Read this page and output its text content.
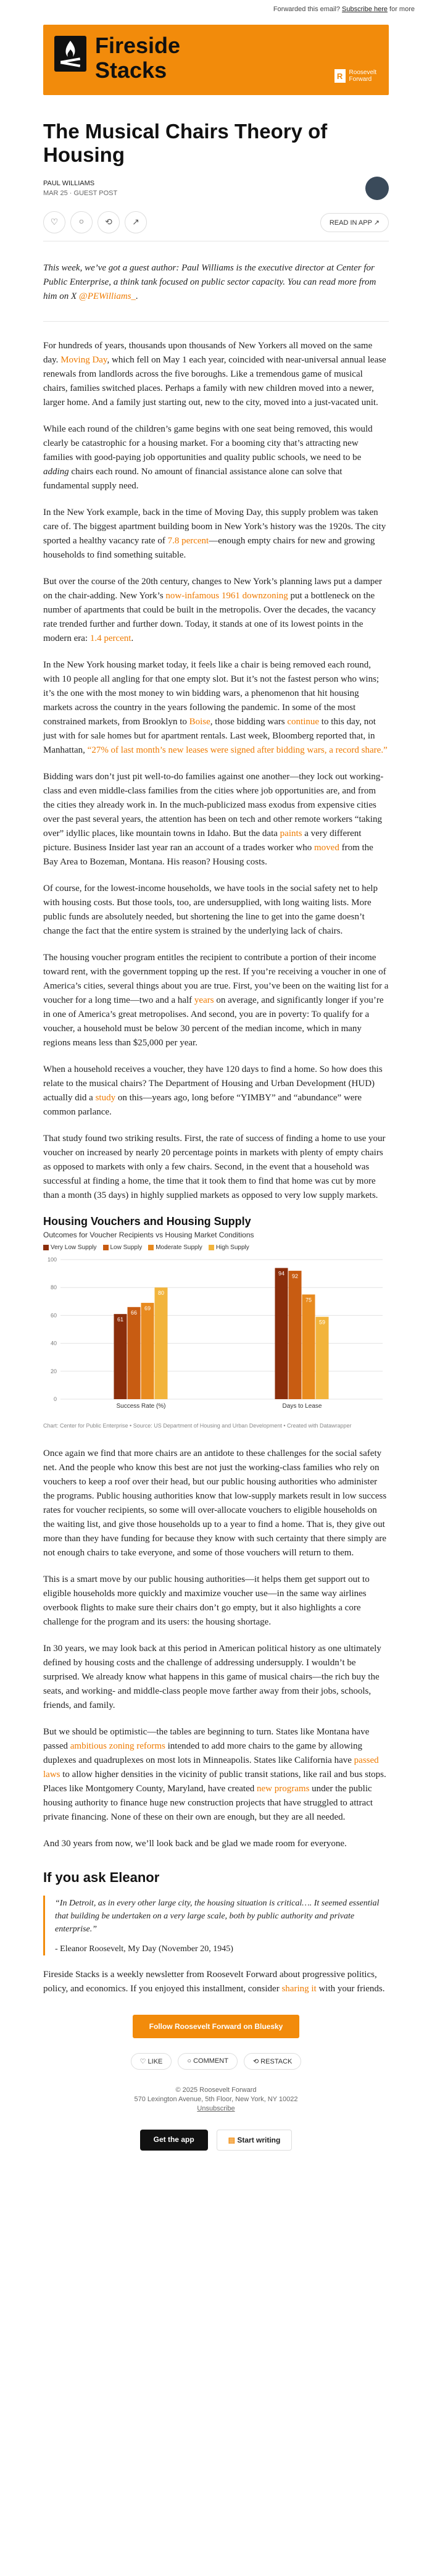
Forwarded this email? Subscribe here for more
Fireside
Stacks	R	Roosevelt
Forward
The Musical Chairs Theory of Housing
PAUL WILLIAMS
MAR 25 · GUEST POST
♡	○	⟲	↗	READ IN APP ↗
This week, we’ve got a guest author: Paul Williams is the executive director at Center for Public Enterprise, a think tank focused on public sector capacity. You can read more from him on X @PEWilliams_.

For hundreds of years, thousands upon thousands of New Yorkers all moved on the same day. Moving Day, which fell on May 1 each year, coincided with near-universal annual lease renewals from landlords across the five boroughs. Like a tremendous game of musical chairs, families switched places. Perhaps a family with new children moved into a newer, larger home. And a family just starting out, new to the city, moved into a just-vacated unit.

While each round of the children’s game begins with one seat being removed, this would clearly be catastrophic for a housing market. For a booming city that’s attracting new families with good-paying job opportunities and quality public schools, we need to be adding chairs each round. No amount of financial assistance alone can solve that fundamental supply need.

In the New York example, back in the time of Moving Day, this supply problem was taken care of. The biggest apartment building boom in New York’s history was the 1920s. The city sported a healthy vacancy rate of 7.8 percent—enough empty chairs for new and growing households to find something suitable.

But over the course of the 20th century, changes to New York’s planning laws put a damper on the chair-adding. New York’s now-infamous 1961 downzoning put a bottleneck on the number of apartments that could be built in the metropolis. Over the decades, the vacancy rate trended further and further down. Today, it stands at one of its lowest points in the modern era: 1.4 percent.

In the New York housing market today, it feels like a chair is being removed each round, with 10 people all angling for that one empty slot. But it’s not the fastest person who wins; it’s the one with the most money to win bidding wars, a phenomenon that hit housing markets across the country in the years following the pandemic. In some of the most constrained markets, from Brooklyn to Boise, those bidding wars continue to this day, not just with for sale homes but for apartment rentals. Last week, Bloomberg reported that, in Manhattan, “27% of last month’s new leases were signed after bidding wars, a record share.”

Bidding wars don’t just pit well-to-do families against one another—they lock out working-class and even middle-class families from the cities where job opportunities are, and from the cities they already work in. In the much-publicized mass exodus from expensive cities over the past several years, the attention has been on tech and other remote workers “taking over” idyllic places, like mountain towns in Idaho. But the data paints a very different picture. Business Insider last year ran an account of a trades worker who moved from the Bay Area to Bozeman, Montana. His reason? Housing costs.

Of course, for the lowest-income households, we have tools in the social safety net to help with housing costs. But those tools, too, are undersupplied, with long waiting lists. More public funds are absolutely needed, but shortening the line to get into the game doesn’t change the fact that the entire system is strained by the underlying lack of chairs.

The housing voucher program entitles the recipient to contribute a portion of their income toward rent, with the government topping up the rest. If you’re receiving a voucher in one of America’s cities, several things about you are true. First, you’ve been on the waiting list for a voucher for a long time—two and a half years on average, and significantly longer if you’re in one of America’s great metropolises. And second, you are in poverty: To qualify for a voucher, a household must be below 30 percent of the median income, which in many regions means less than $25,000 per year.

When a household receives a voucher, they have 120 days to find a home. So how does this relate to the musical chairs? The Department of Housing and Urban Development (HUD) actually did a study on this—years ago, long before “YIMBY” and “abundance” were common parlance.

That study found two striking results. First, the rate of success of finding a home to use your voucher on increased by nearly 20 percentage points in markets with plenty of empty chairs as opposed to markets with only a few chairs. Second, in the event that a household was successful at finding a home, the time that it took them to find that home was cut by more than a month (35 days) in highly supplied markets as opposed to very low supply markets.

Housing Vouchers and Housing Supply
Outcomes for Voucher Recipients vs Housing Market Conditions
Very Low Supply	Low Supply	Moderate Supply	High Supply
0
20
40
60
80
100
61
66
69
80
Success Rate (%)
94 92
75
59
Days to Lease
Chart: Center for Public Enterprise • Source: US Department of Housing and Urban Development • Created with Datawrapper

Once again we find that more chairs are an antidote to these challenges for the social safety net. And the people who know this best are not just the working-class families who rely on vouchers to keep a roof over their head, but our public housing authorities who administer the programs. Public housing authorities know that low-supply markets result in low success rates for voucher recipients, so some will over-allocate vouchers to eligible households on the waiting list, and give those households up to a year to find a home. That is, they give out more than they have funding for because they know with such certainty that there simply are not enough chairs to take everyone, and some of those vouchers will return to them.

This is a smart move by our public housing authorities—it helps them get support out to eligible households more quickly and maximize voucher use—in the same way airlines overbook flights to make sure their chairs don’t go empty, but it also highlights a core challenge for the program and its users: the housing shortage.

In 30 years, we may look back at this period in American political history as one ultimately defined by housing costs and the challenge of addressing undersupply. I wouldn’t be surprised. We already know what happens in this game of musical chairs—the rich buy the seats, and working- and middle-class people move farther away from their jobs, schools, friends, and family.

But we should be optimistic—the tables are beginning to turn. States like Montana have passed ambitious zoning reforms intended to add more chairs to the game by allowing duplexes and quadruplexes on most lots in Minneapolis. States like California have passed laws to allow higher densities in the vicinity of public transit stations, like rail and bus stops. Places like Montgomery County, Maryland, have created new programs under the public housing authority to finance huge new construction projects that have struggled to attract private financing. None of these on their own are enough, but they are all needed.

And 30 years from now, we’ll look back and be glad we made room for everyone.

If you ask Eleanor
“In Detroit, as in every other large city, the housing situation is critical…. It seemed essential that building be undertaken on a very large scale, both by public authority and private enterprise.”
- Eleanor Roosevelt, My Day (November 20, 1945)

Fireside Stacks is a weekly newsletter from Roosevelt Forward about progressive politics, policy, and economics. If you enjoyed this installment, consider sharing it with your friends.

Follow Roosevelt Forward on Bluesky
♡ LIKE	○ COMMENT	⟲ RESTACK
© 2025 Roosevelt Forward
570 Lexington Avenue, 5th Floor, New York, NY 10022
Unsubscribe
Get the app	▤ Start writing
